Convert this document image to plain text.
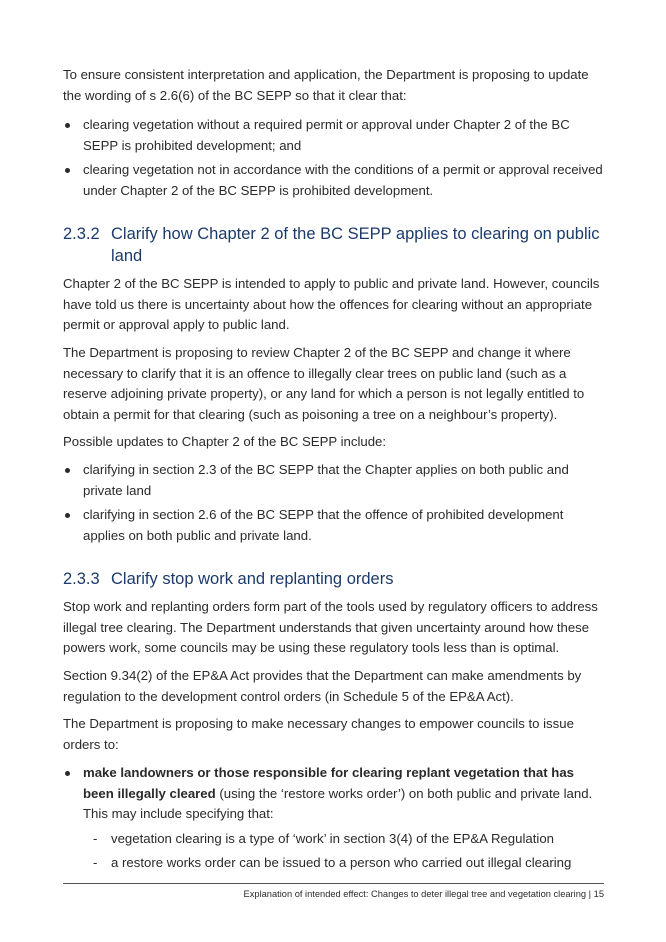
To ensure consistent interpretation and application, the Department is proposing to update the wording of s 2.6(6) of the BC SEPP so that it clear that:

clearing vegetation without a required permit or approval under Chapter 2 of the BC SEPP is prohibited development; and
clearing vegetation not in accordance with the conditions of a permit or approval received under Chapter 2 of the BC SEPP is prohibited development.
2.3.2 Clarify how Chapter 2 of the BC SEPP applies to clearing on public
land

Chapter 2 of the BC SEPP is intended to apply to public and private land. However, councils have told us there is uncertainty about how the offences for clearing without an appropriate permit or approval apply to public land.

The Department is proposing to review Chapter 2 of the BC SEPP and change it where necessary to clarify that it is an offence to illegally clear trees on public land (such as a reserve adjoining private property), or any land for which a person is not legally entitled to obtain a permit for that clearing (such as poisoning a tree on a neighbour’s property).

Possible updates to Chapter 2 of the BC SEPP include:

clarifying in section 2.3 of the BC SEPP that the Chapter applies on both public and private land
clarifying in section 2.6 of the BC SEPP that the offence of prohibited development applies on both public and private land.
2.3.3 Clarify stop work and replanting orders

Stop work and replanting orders form part of the tools used by regulatory officers to address illegal tree clearing. The Department understands that given uncertainty around how these powers work, some councils may be using these regulatory tools less than is optimal.

Section 9.34(2) of the EP&A Act provides that the Department can make amendments by regulation to the development control orders (in Schedule 5 of the EP&A Act).

The Department is proposing to make necessary changes to empower councils to issue orders to:

make landowners or those responsible for clearing replant vegetation that has been illegally cleared (using the ‘restore works order’) on both public and private land.
This may include specifying that:
- vegetation clearing is a type of ‘work’ in section 3(4) of the EP&A Regulation
- a restore works order can be issued to a person who carried out illegal clearing
Explanation of intended effect: Changes to deter illegal tree and vegetation clearing | 15
